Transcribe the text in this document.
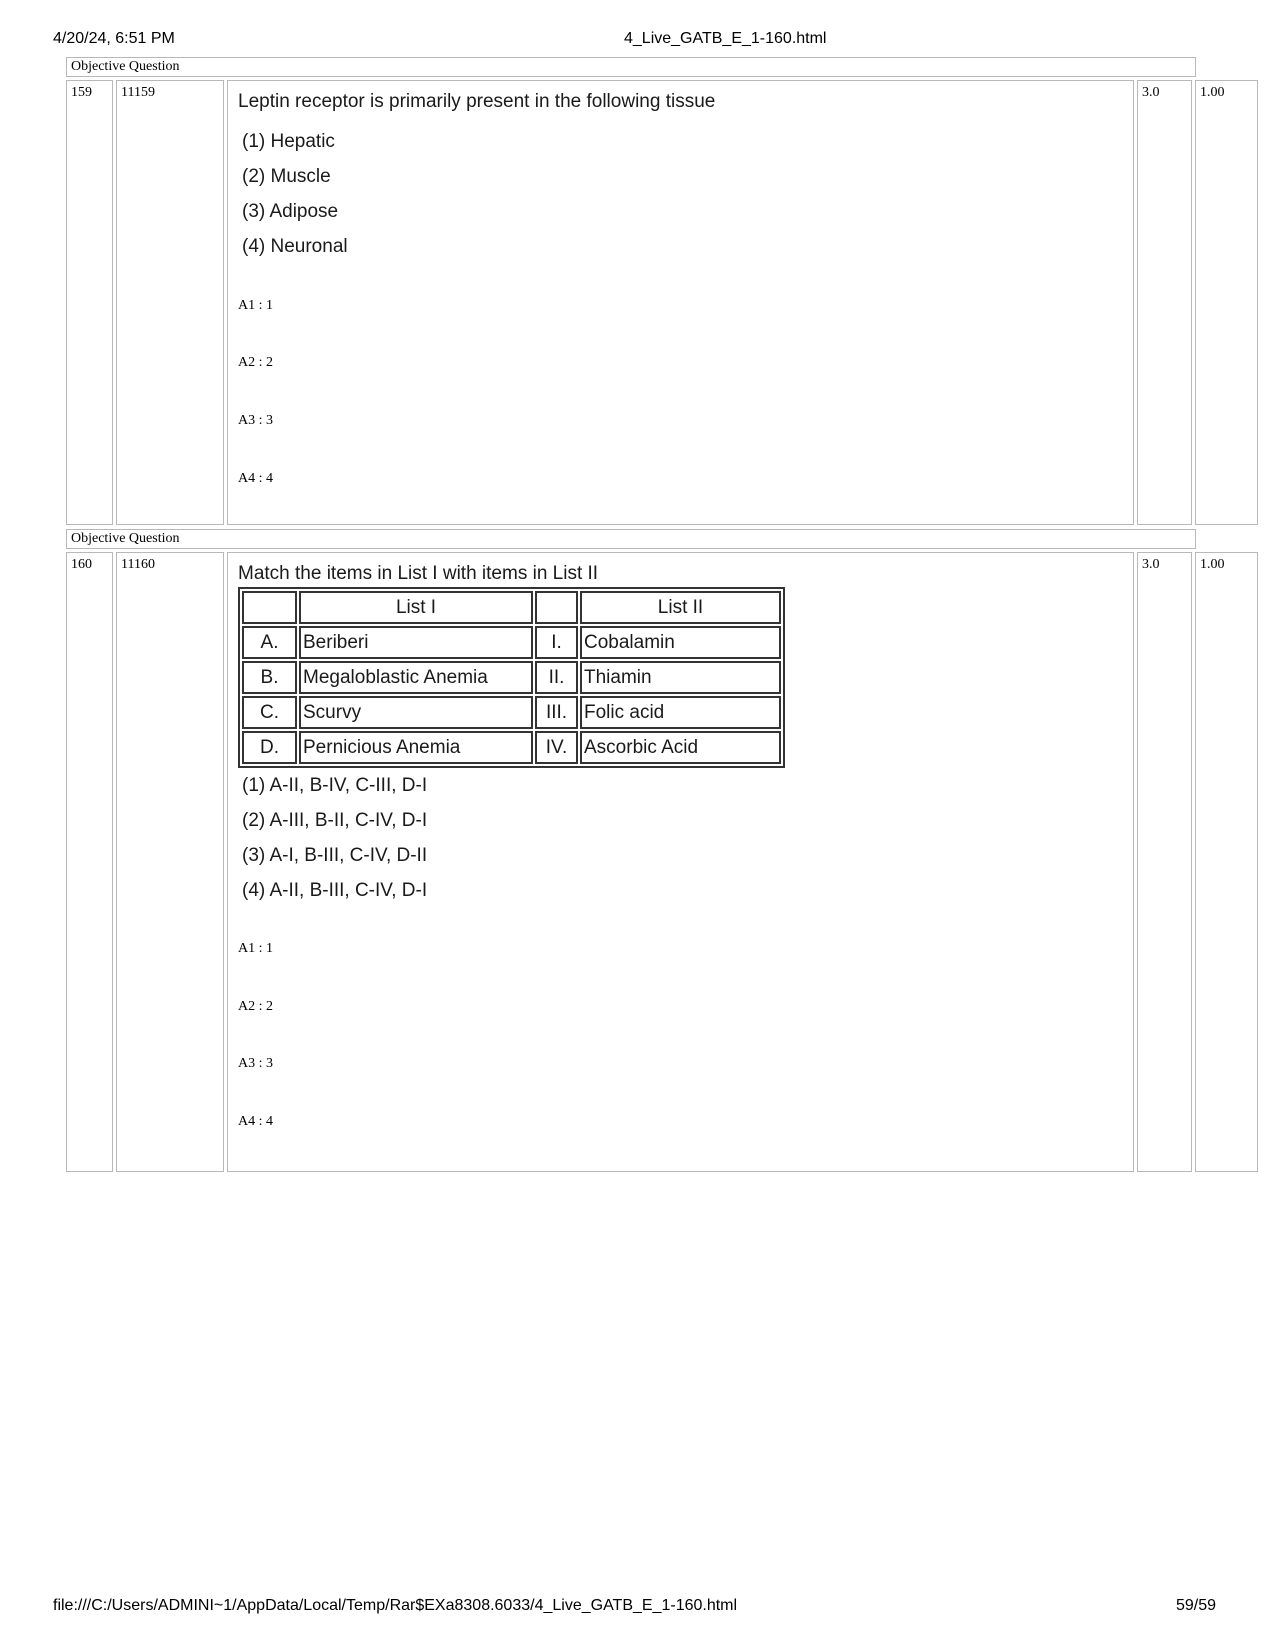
4/20/24, 6:51 PM	4_Live_GATB_E_1-160.html
Objective Question
159	11159	Leptin receptor is primarily present in the following tissue
(1) Hepatic
(2) Muscle
(3) Adipose
(4) Neuronal
A1 : 1
A2 : 2
A3 : 3
A4 : 4
3.0	1.00
Objective Question
160	11160	Match the items in List I with items in List II
	List I		List II
A.	Beriberi	I.	Cobalamin
B.	Megaloblastic Anemia	II.	Thiamin
C.	Scurvy	III.	Folic acid
D.	Pernicious Anemia	IV.	Ascorbic Acid
(1) A-II, B-IV, C-III, D-I
(2) A-III, B-II, C-IV, D-I
(3) A-I, B-III, C-IV, D-II
(4) A-II, B-III, C-IV, D-I
A1 : 1
A2 : 2
A3 : 3
A4 : 4
3.0	1.00
file:///C:/Users/ADMINI~1/AppData/Local/Temp/Rar$EXa8308.6033/4_Live_GATB_E_1-160.html	59/59
